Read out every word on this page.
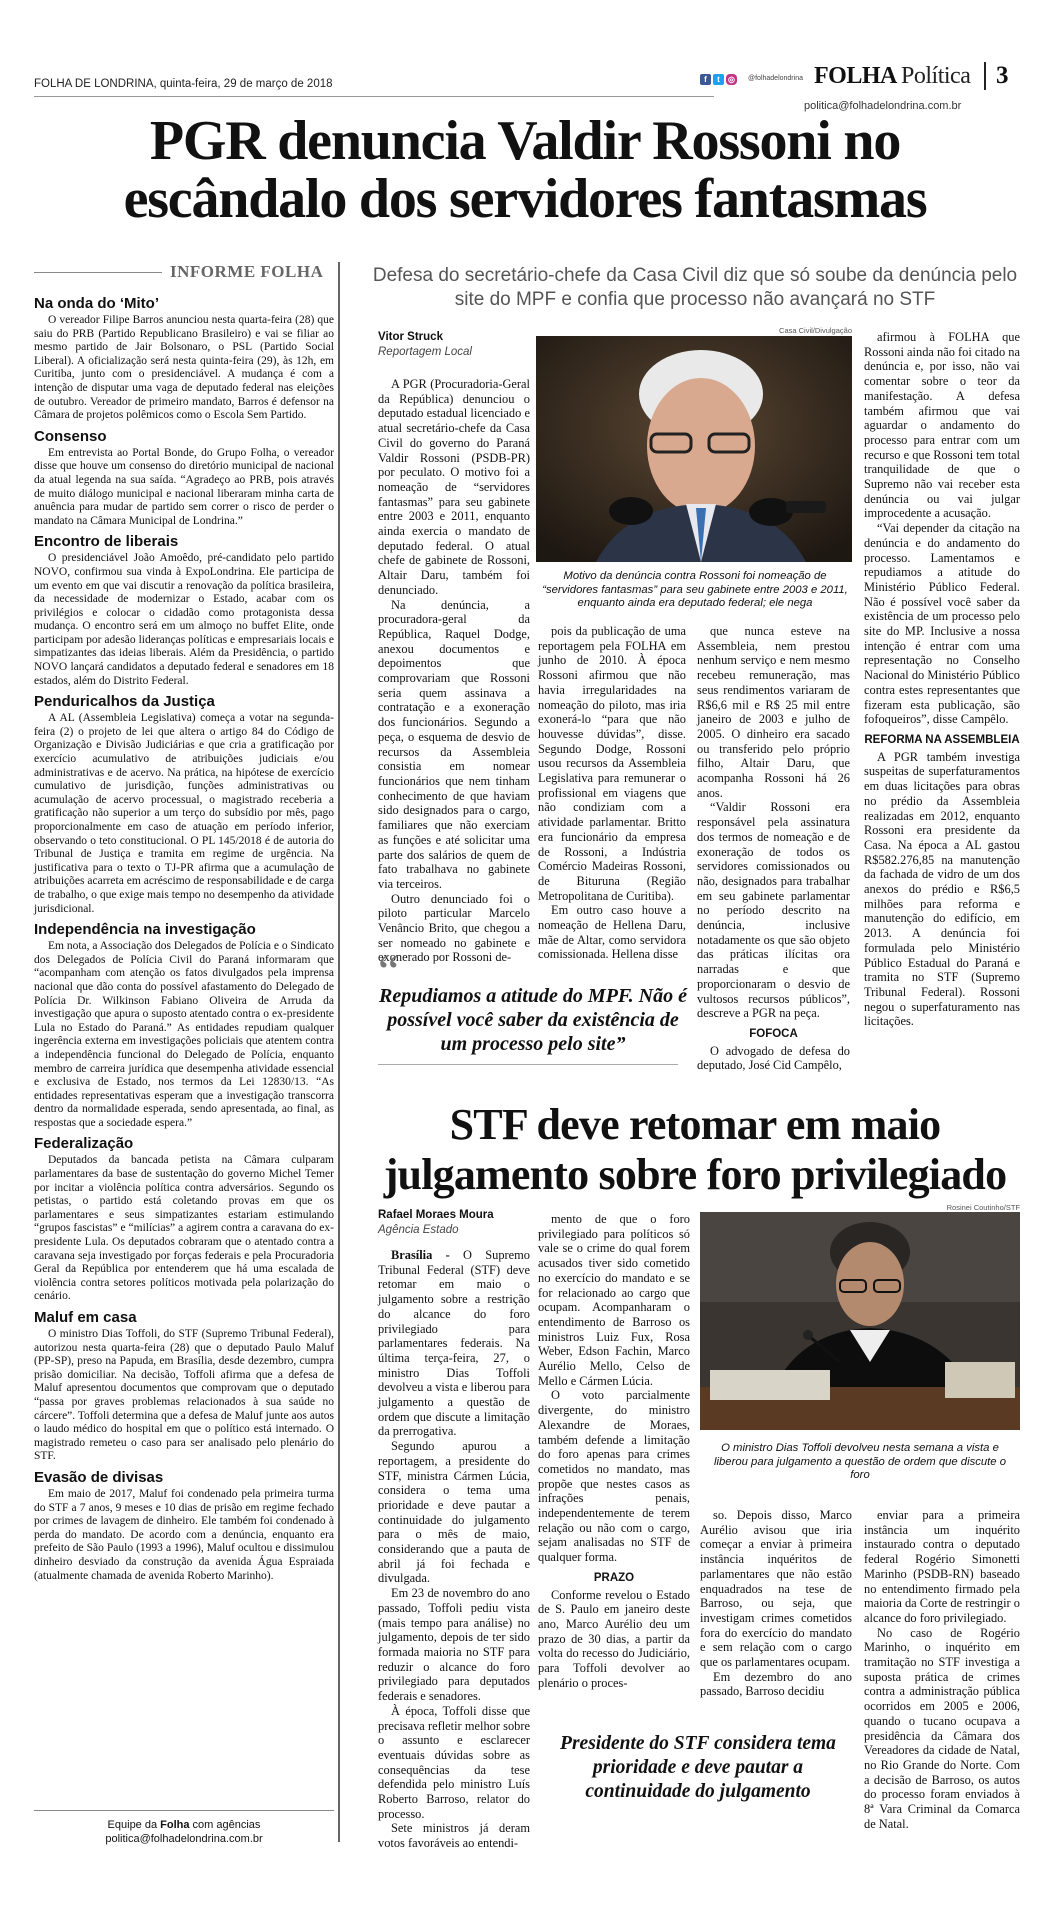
FOLHA DE LONDRINA, quinta-feira, 29 de março de 2018	f	t	◎ @folhadelondrina FOLHA Política	3
politica@folhadelondrina.com.br
PGR denuncia Valdir Rossoni no escândalo dos servidores fantasmas
INFORME FOLHA
Na onda do ‘Mito’

O vereador Filipe Barros anunciou nesta quarta-feira (28) que saiu do PRB (Partido Republicano Brasileiro) e vai se filiar ao mesmo partido de Jair Bolsonaro, o PSL (Partido Social Liberal). A oficialização será nesta quinta-feira (29), às 12h, em Curitiba, junto com o presidenciável. A mudança é com a intenção de disputar uma vaga de deputado federal nas eleições de outubro. Vereador de primeiro mandato, Barros é defensor na Câmara de projetos polêmicos como o Escola Sem Partido.

Consenso

Em entrevista ao Portal Bonde, do Grupo Folha, o vereador disse que houve um consenso do diretório municipal de nacional da atual legenda na sua saída. “Agradeço ao PRB, pois através de muito diálogo municipal e nacional liberaram minha carta de anuência para mudar de partido sem correr o risco de perder o mandato na Câmara Municipal de Londrina.”

Encontro de liberais

O presidenciável João Amoêdo, pré-candidato pelo partido NOVO, confirmou sua vinda à ExpoLondrina. Ele participa de um evento em que vai discutir a renovação da política brasileira, da necessidade de modernizar o Estado, acabar com os privilégios e colocar o cidadão como protagonista dessa mudança. O encontro será em um almoço no buffet Elite, onde participam por adesão lideranças políticas e empresariais locais e simpatizantes das ideias liberais. Além da Presidência, o partido NOVO lançará candidatos a deputado federal e senadores em 18 estados, além do Distrito Federal.

Penduricalhos da Justiça

A AL (Assembleia Legislativa) começa a votar na segunda-feira (2) o projeto de lei que altera o artigo 84 do Código de Organização e Divisão Judiciárias e que cria a gratificação por exercício acumulativo de atribuições judiciais e/ou administrativas e de acervo. Na prática, na hipótese de exercício cumulativo de jurisdição, funções administrativas ou acumulação de acervo processual, o magistrado receberia a gratificação não superior a um terço do subsídio por mês, pago proporcionalmente em caso de atuação em período inferior, observando o teto constitucional. O PL 145/2018 é de autoria do Tribunal de Justiça e tramita em regime de urgência. Na justificativa para o texto o TJ-PR afirma que a acumulação de atribuições acarreta em acréscimo de responsabilidade e de carga de trabalho, o que exige mais tempo no desempenho da atividade jurisdicional.

Independência na investigação

Em nota, a Associação dos Delegados de Polícia e o Sindicato dos Delegados de Polícia Civil do Paraná informaram que “acompanham com atenção os fatos divulgados pela imprensa nacional que dão conta do possível afastamento do Delegado de Polícia Dr. Wilkinson Fabiano Oliveira de Arruda da investigação que apura o suposto atentado contra o ex-presidente Lula no Estado do Paraná.” As entidades repudiam qualquer ingerência externa em investigações policiais que atentem contra a independência funcional do Delegado de Polícia, enquanto membro de carreira jurídica que desempenha atividade essencial e exclusiva de Estado, nos termos da Lei 12830/13. “As entidades representativas esperam que a investigação transcorra dentro da normalidade esperada, sendo apresentada, ao final, as respostas que a sociedade espera.”

Federalização

Deputados da bancada petista na Câmara culparam parlamentares da base de sustentação do governo Michel Temer por incitar a violência política contra adversários. Segundo os petistas, o partido está coletando provas em que os parlamentares e seus simpatizantes estariam estimulando “grupos fascistas” e “milícias” a agirem contra a caravana do ex-presidente Lula. Os deputados cobraram que o atentado contra a caravana seja investigado por forças federais e pela Procuradoria Geral da República por entenderem que há uma escalada de violência contra setores políticos motivada pela polarização do cenário.

Maluf em casa

O ministro Dias Toffoli, do STF (Supremo Tribunal Federal), autorizou nesta quarta-feira (28) que o deputado Paulo Maluf (PP-SP), preso na Papuda, em Brasília, desde dezembro, cumpra prisão domiciliar. Na decisão, Toffoli afirma que a defesa de Maluf apresentou documentos que comprovam que o deputado “passa por graves problemas relacionados à sua saúde no cárcere”. Toffoli determina que a defesa de Maluf junte aos autos o laudo médico do hospital em que o político está internado. O magistrado remeteu o caso para ser analisado pelo plenário do STF.

Evasão de divisas

Em maio de 2017, Maluf foi condenado pela primeira turma do STF a 7 anos, 9 meses e 10 dias de prisão em regime fechado por crimes de lavagem de dinheiro. Ele também foi condenado à perda do mandato. De acordo com a denúncia, enquanto era prefeito de São Paulo (1993 a 1996), Maluf ocultou e dissimulou dinheiro desviado da construção da avenida Água Espraiada (atualmente chamada de avenida Roberto Marinho).

Equipe da Folha com agências
politica@folhadelondrina.com.br
Defesa do secretário-chefe da Casa Civil diz que só soube da denúncia pelo site do MPF e confia que processo não avançará no STF
Vitor Struck
Reportagem Local
Casa Civil/Divulgação
Motivo da denúncia contra Rossoni foi nomeação de “servidores fantasmas” para seu gabinete entre 2003 e 2011, enquanto ainda era deputado federal; ele nega

A PGR (Procuradoria-Geral da República) denunciou o deputado estadual licenciado e atual secretário-chefe da Casa Civil do governo do Paraná Valdir Rossoni (PSDB-PR) por peculato. O motivo foi a nomeação de “servidores fantasmas” para seu gabinete entre 2003 e 2011, enquanto ainda exercia o mandato de deputado federal. O atual chefe de gabinete de Rossoni, Altair Daru, também foi denunciado.

Na denúncia, a procuradora-geral da República, Raquel Dodge, anexou documentos e depoimentos que comprovariam que Rossoni seria quem assinava a contratação e a exoneração dos funcionários. Segundo a peça, o esquema de desvio de recursos da Assembleia consistia em nomear funcionários que nem tinham conhecimento de que haviam sido designados para o cargo, familiares que não exerciam as funções e até solicitar uma parte dos salários de quem de fato trabalhava no gabinete via terceiros.

Outro denunciado foi o piloto particular Marcelo Venâncio Brito, que chegou a ser nomeado no gabinete e exonerado por Rossoni de-

pois da publicação de uma reportagem pela FOLHA em junho de 2010. À época Rossoni afirmou que não havia irregularidades na nomeação do piloto, mas iria exonerá-lo “para que não houvesse dúvidas”, disse. Segundo Dodge, Rossoni usou recursos da Assembleia Legislativa para remunerar o profissional em viagens que não condiziam com a atividade parlamentar. Britto era funcionário da empresa de Rossoni, a Indústria Comércio Madeiras Rossoni, de Bituruna (Região Metropolitana de Curitiba).

Em outro caso houve a nomeação de Hellena Daru, mãe de Altar, como servidora comissionada. Hellena disse

que nunca esteve na Assembleia, nem prestou nenhum serviço e nem mesmo recebeu remuneração, mas seus rendimentos variaram de R$6,6 mil e R$ 25 mil entre janeiro de 2003 e julho de 2005. O dinheiro era sacado ou transferido pelo próprio filho, Altair Daru, que acompanha Rossoni há 26 anos.

“Valdir Rossoni era responsável pela assinatura dos termos de nomeação e de exoneração de todos os servidores comissionados ou não, designados para trabalhar em seu gabinete parlamentar no período descrito na denúncia, inclusive notadamente os que são objeto das práticas ilícitas ora narradas e que proporcionaram o desvio de vultosos recursos públicos”, descreve a PGR na peça.

FOFOCA

O advogado de defesa do deputado, José Cid Campêlo,

afirmou à FOLHA que Rossoni ainda não foi citado na denúncia e, por isso, não vai comentar sobre o teor da manifestação. A defesa também afirmou que vai aguardar o andamento do processo para entrar com um recurso e que Rossoni tem total tranquilidade de que o Supremo não vai receber esta denúncia ou vai julgar improcedente a acusação.

“Vai depender da citação na denúncia e do andamento do processo. Lamentamos e repudiamos a atitude do Ministério Público Federal. Não é possível você saber da existência de um processo pelo site do MP. Inclusive a nossa intenção é entrar com uma representação no Conselho Nacional do Ministério Público contra estes representantes que fizeram esta publicação, são fofoqueiros”, disse Campêlo.

REFORMA NA ASSEMBLEIA

A PGR também investiga suspeitas de superfaturamentos em duas licitações para obras no prédio da Assembleia realizadas em 2012, enquanto Rossoni era presidente da Casa. Na época a AL gastou R$582.276,85 na manutenção da fachada de vidro de um dos anexos do prédio e R$6,5 milhões para reforma e manutenção do edifício, em 2013. A denúncia foi formulada pelo Ministério Público Estadual do Paraná e tramita no STF (Supremo Tribunal Federal). Rossoni negou o superfaturamento nas licitações.

“
Repudiamos a atitude do MPF. Não é possível você saber da existência de um processo pelo site”
STF deve retomar em maio julgamento sobre foro privilegiado
Rafael Moraes Moura
Agência Estado
Rosinei Coutinho/STF
O ministro Dias Toffoli devolveu nesta semana a vista e liberou para julgamento a questão de ordem que discute o foro

Brasília - O Supremo Tribunal Federal (STF) deve retomar em maio o julgamento sobre a restrição do alcance do foro privilegiado para parlamentares federais. Na última terça-feira, 27, o ministro Dias Toffoli devolveu a vista e liberou para julgamento a questão de ordem que discute a limitação da prerrogativa.

Segundo apurou a reportagem, a presidente do STF, ministra Cármen Lúcia, considera o tema uma prioridade e deve pautar a continuidade do julgamento para o mês de maio, considerando que a pauta de abril já foi fechada e divulgada.

Em 23 de novembro do ano passado, Toffoli pediu vista (mais tempo para análise) no julgamento, depois de ter sido formada maioria no STF para reduzir o alcance do foro privilegiado para deputados federais e senadores.

À época, Toffoli disse que precisava refletir melhor sobre o assunto e esclarecer eventuais dúvidas sobre as consequências da tese defendida pelo ministro Luís Roberto Barroso, relator do processo.

Sete ministros já deram votos favoráveis ao entendi-

mento de que o foro privilegiado para políticos só vale se o crime do qual forem acusados tiver sido cometido no exercício do mandato e se for relacionado ao cargo que ocupam. Acompanharam o entendimento de Barroso os ministros Luiz Fux, Rosa Weber, Edson Fachin, Marco Aurélio Mello, Celso de Mello e Cármen Lúcia.

O voto parcialmente divergente, do ministro Alexandre de Moraes, também defende a limitação do foro apenas para crimes cometidos no mandato, mas propõe que nestes casos as infrações penais, independentemente de terem relação ou não com o cargo, sejam analisadas no STF de qualquer forma.

PRAZO

Conforme revelou o Estado de S. Paulo em janeiro deste ano, Marco Aurélio deu um prazo de 30 dias, a partir da volta do recesso do Judiciário, para Toffoli devolver ao plenário o proces-

so. Depois disso, Marco Aurélio avisou que iria começar a enviar à primeira instância inquéritos de parlamentares que não estão enquadrados na tese de Barroso, ou seja, que investigam crimes cometidos fora do exercício do mandato e sem relação com o cargo que os parlamentares ocupam.

Em dezembro do ano passado, Barroso decidiu

enviar para a primeira instância um inquérito instaurado contra o deputado federal Rogério Simonetti Marinho (PSDB-RN) baseado no entendimento firmado pela maioria da Corte de restringir o alcance do foro privilegiado.

No caso de Rogério Marinho, o inquérito em tramitação no STF investiga a suposta prática de crimes contra a administração pública ocorridos em 2005 e 2006, quando o tucano ocupava a presidência da Câmara dos Vereadores da cidade de Natal, no Rio Grande do Norte. Com a decisão de Barroso, os autos do processo foram enviados à 8ª Vara Criminal da Comarca de Natal.

Presidente do STF considera tema prioridade e deve pautar a continuidade do julgamento
